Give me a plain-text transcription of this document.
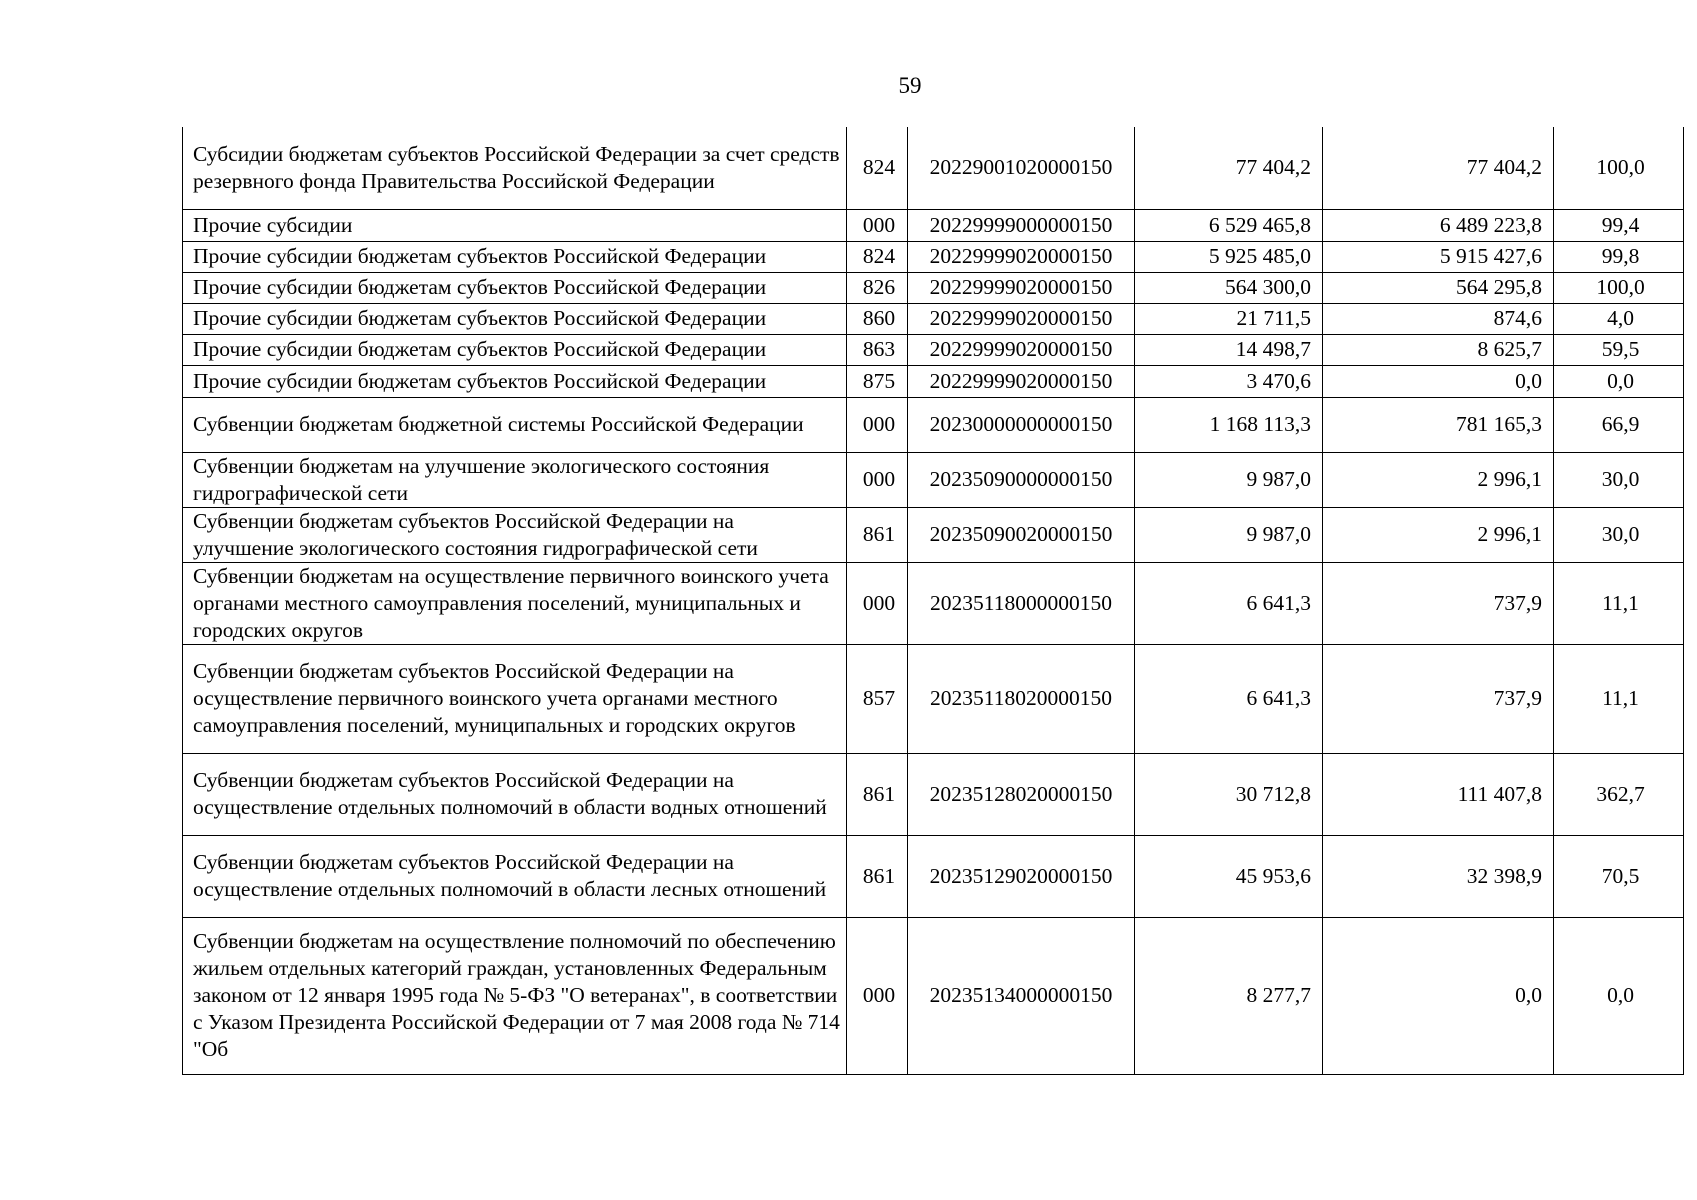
59
Субсидии бюджетам субъектов Российской Федерации за счет средств резервного фонда Правительства Российской Федерации	824	20229001020000150	77 404,2	77 404,2	100,0
Прочие субсидии	000	20229999000000150	6 529 465,8	6 489 223,8	99,4
Прочие субсидии бюджетам субъектов Российской Федерации	824	20229999020000150	5 925 485,0	5 915 427,6	99,8
Прочие субсидии бюджетам субъектов Российской Федерации	826	20229999020000150	564 300,0	564 295,8	100,0
Прочие субсидии бюджетам субъектов Российской Федерации	860	20229999020000150	21 711,5	874,6	4,0
Прочие субсидии бюджетам субъектов Российской Федерации	863	20229999020000150	14 498,7	8 625,7	59,5
Прочие субсидии бюджетам субъектов Российской Федерации	875	20229999020000150	3 470,6	0,0	0,0
Субвенции бюджетам бюджетной системы Российской Федерации	000	20230000000000150	1 168 113,3	781 165,3	66,9
Субвенции бюджетам на улучшение экологического состояния гидрографической сети	000	20235090000000150	9 987,0	2 996,1	30,0
Субвенции бюджетам субъектов Российской Федерации на улучшение экологического состояния гидрографической сети	861	20235090020000150	9 987,0	2 996,1	30,0
Субвенции бюджетам на осуществление первичного воинского учета органами местного самоуправления поселений, муниципальных и городских округов	000	20235118000000150	6 641,3	737,9	11,1
Субвенции бюджетам субъектов Российской Федерации на осуществление первичного воинского учета органами местного самоуправления поселений, муниципальных и городских округов	857	20235118020000150	6 641,3	737,9	11,1
Субвенции бюджетам субъектов Российской Федерации на осуществление отдельных полномочий в области водных отношений	861	20235128020000150	30 712,8	111 407,8	362,7
Субвенции бюджетам субъектов Российской Федерации на осуществление отдельных полномочий в области лесных отношений	861	20235129020000150	45 953,6	32 398,9	70,5
Субвенции бюджетам на осуществление полномочий по обеспечению жильем отдельных категорий граждан, установленных Федеральным законом от 12 января 1995 года № 5-ФЗ "О ветеранах", в соответствии с Указом Президента Российской Федерации от 7 мая 2008 года № 714 "Об	000	20235134000000150	8 277,7	0,0	0,0
